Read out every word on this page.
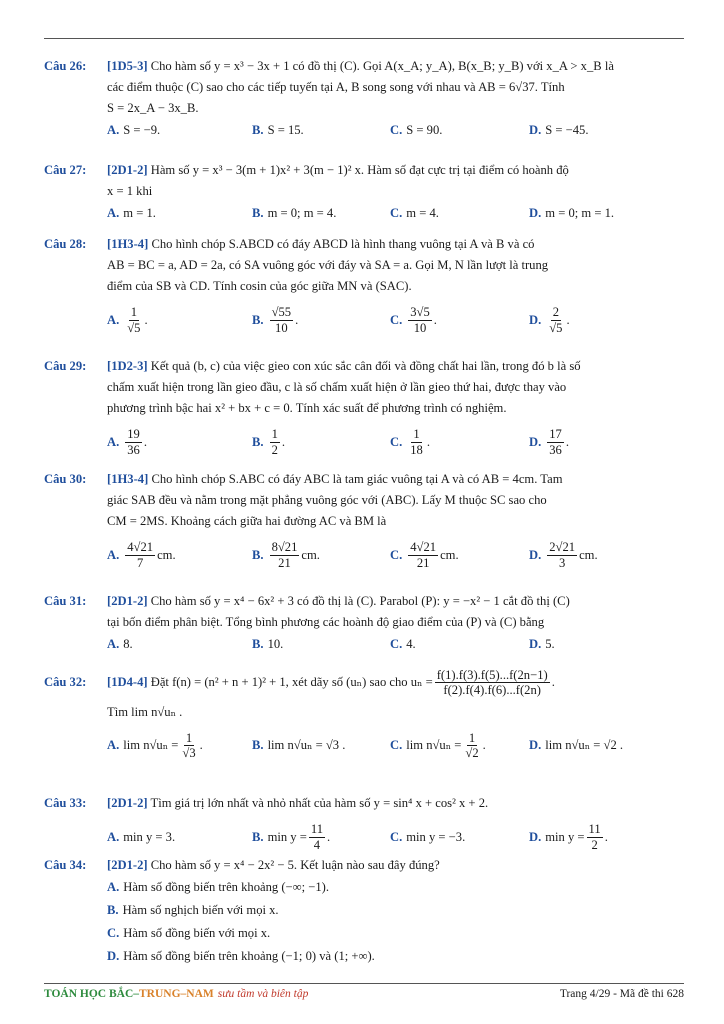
Câu 26: [1D5-3] Cho hàm số y = x³ − 3x + 1 có đồ thị (C). Gọi A(x_A; y_A), B(x_B; y_B) với x_A > x_B là
các điểm thuộc (C) sao cho các tiếp tuyến tại A, B song song với nhau và AB = 6√37. Tính
S = 2x_A − 3x_B.
A. S = −9.	B. S = 15.	C. S = 90.	D. S = −45.
Câu 27: [2D1-2] Hàm số y = x³ − 3(m + 1)x² + 3(m − 1)² x. Hàm số đạt cực trị tại điểm có hoành độ
x = 1 khi
A. m = 1.	B. m = 0; m = 4.	C. m = 4.	D. m = 0; m = 1.
Câu 28: [1H3-4] Cho hình chóp S.ABCD có đáy ABCD là hình thang vuông tại A và B và có
AB = BC = a, AD = 2a, có SA vuông góc với đáy và SA = a. Gọi M, N lần lượt là trung
điểm của SB và CD. Tính cosin của góc giữa MN và (SAC).
A. $\frac{1}{√5}$ .	B. $\frac{√55}{10}$ .	C. $\frac{3√5}{10}$ .	D. $\frac{2}{√5}$ .
Câu 29: [1D2-3] Kết quả (b, c) của việc gieo con xúc sắc cân đối và đồng chất hai lần, trong đó b là số
chấm xuất hiện trong lần gieo đầu, c là số chấm xuất hiện ở lần gieo thứ hai, được thay vào
phương trình bậc hai x² + bx + c = 0. Tính xác suất để phương trình có nghiệm.
A. $\frac{19}{36}$ .	B. $\frac{1}{2}$ .	C. $\frac{1}{18}$ .	D. $\frac{17}{36}$ .
Câu 30: [1H3-4] Cho hình chóp S.ABC có đáy ABC là tam giác vuông tại A và có AB = 4cm. Tam
giác SAB đều và nằm trong mặt phẳng vuông góc với (ABC). Lấy M thuộc SC sao cho
CM = 2MS. Khoảng cách giữa hai đường AC và BM là
A. $\frac{4√21}{7}$ cm.	B. $\frac{8√21}{21}$ cm.	C. $\frac{4√21}{21}$ cm.	D. $\frac{2√21}{3}$ cm.
Câu 31: [2D1-2] Cho hàm số y = x⁴ − 6x² + 3 có đồ thị là (C). Parabol (P): y = −x² − 1 cắt đồ thị (C)
tại bốn điểm phân biệt. Tổng bình phương các hoành độ giao điểm của (P) và (C) bằng
A. 8.	B. 10.	C. 4.	D. 5.
Câu 32:	[1D4-4]
Đặt f(n) = (n² + n + 1)² + 1, xét dãy số (uₙ) sao cho $u_n = \frac{f(1).f(3).f(5)...f(2n-1)}{f(2).f(4).f(6)...f(2n)}$ .
Tìm lim n√uₙ .
A. $\lim n√u_n = \frac{1}{√3}$ .	B. lim n√uₙ = √3 .	C. $\lim n√u_n = \frac{1}{√2}$ .	D. lim n√uₙ = √2 .
Câu 33: [2D1-2] Tìm giá trị lớn nhất và nhỏ nhất của hàm số y = sin⁴ x + cos² x + 2.
A. min y = 3.	B. $\min y = \frac{11}{4}$ .	C. min y = −3.	D. $\min y = \frac{11}{2}$ .
Câu 34: [2D1-2] Cho hàm số y = x⁴ − 2x² − 5. Kết luận nào sau đây đúng?
A. Hàm số đồng biến trên khoảng (−∞; −1).
B. Hàm số nghịch biến với mọi x.
C. Hàm số đồng biến với mọi x.
D. Hàm số đồng biến trên khoảng (−1; 0) và (1; +∞).
TOÁN HỌC BẮC–TRUNG–NAM sưu tầm và biên tập	Trang 4/29 - Mã đề thi 628
